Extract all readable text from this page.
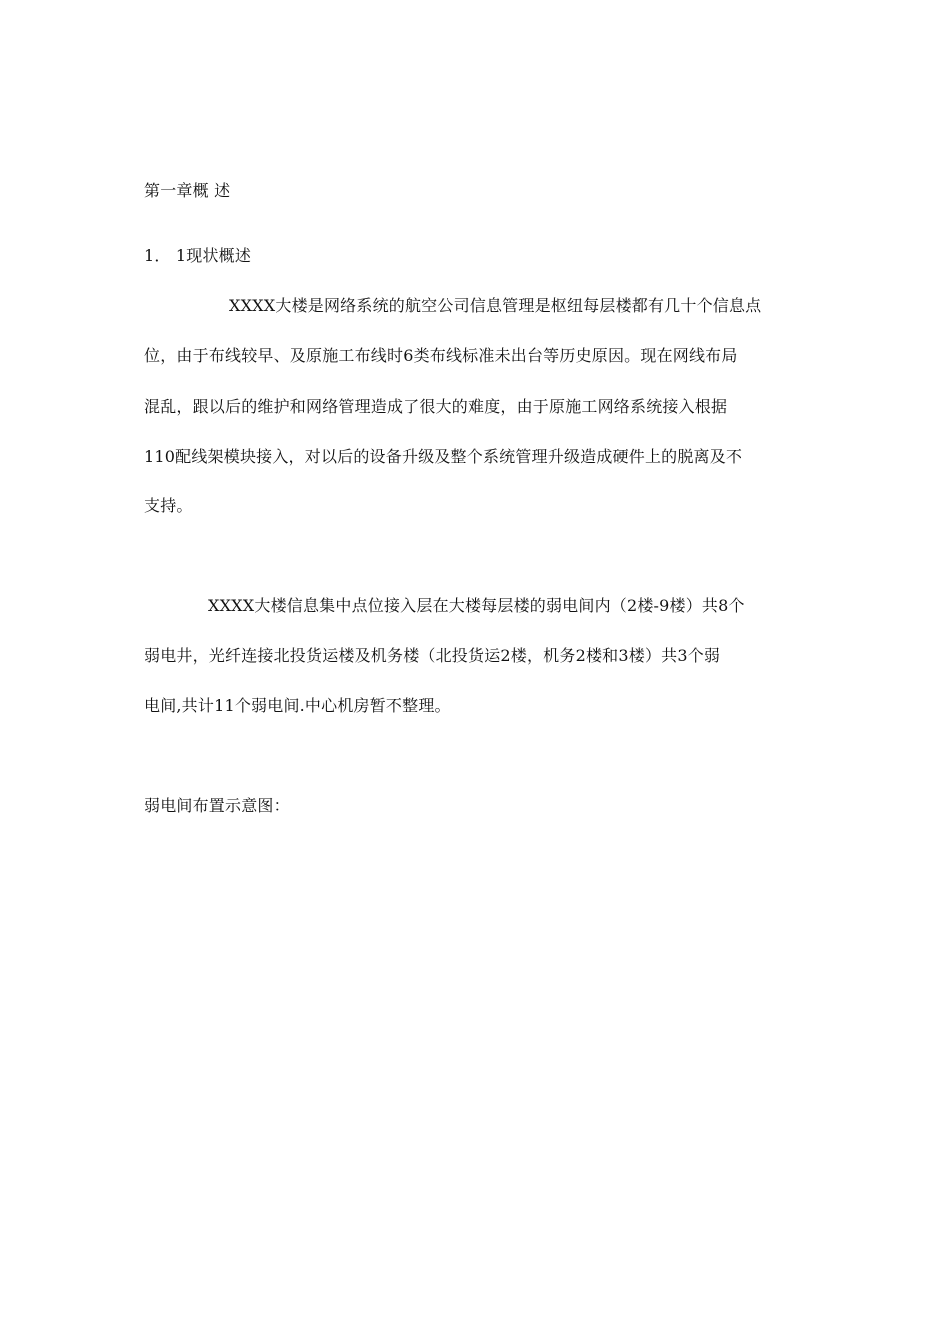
第一章概 述
1． 1现状概述
XXXX大楼是网络系统的航空公司信息管理是枢纽每层楼都有几十个信息点
位，由于布线较早、及原施工布线时6类布线标准未出台等历史原因。现在网线布局
混乱，跟以后的维护和网络管理造成了很大的难度，由于原施工网络系统接入根据
110配线架模块接入，对以后的设备升级及整个系统管理升级造成硬件上的脱离及不
支持。
XXXX大楼信息集中点位接入层在大楼每层楼的弱电间内（2楼-9楼）共8个
弱电井，光纤连接北投货运楼及机务楼（北投货运2楼，机务2楼和3楼）共3个弱
电间,共计11个弱电间.中心机房暂不整理。
弱电间布置示意图：
